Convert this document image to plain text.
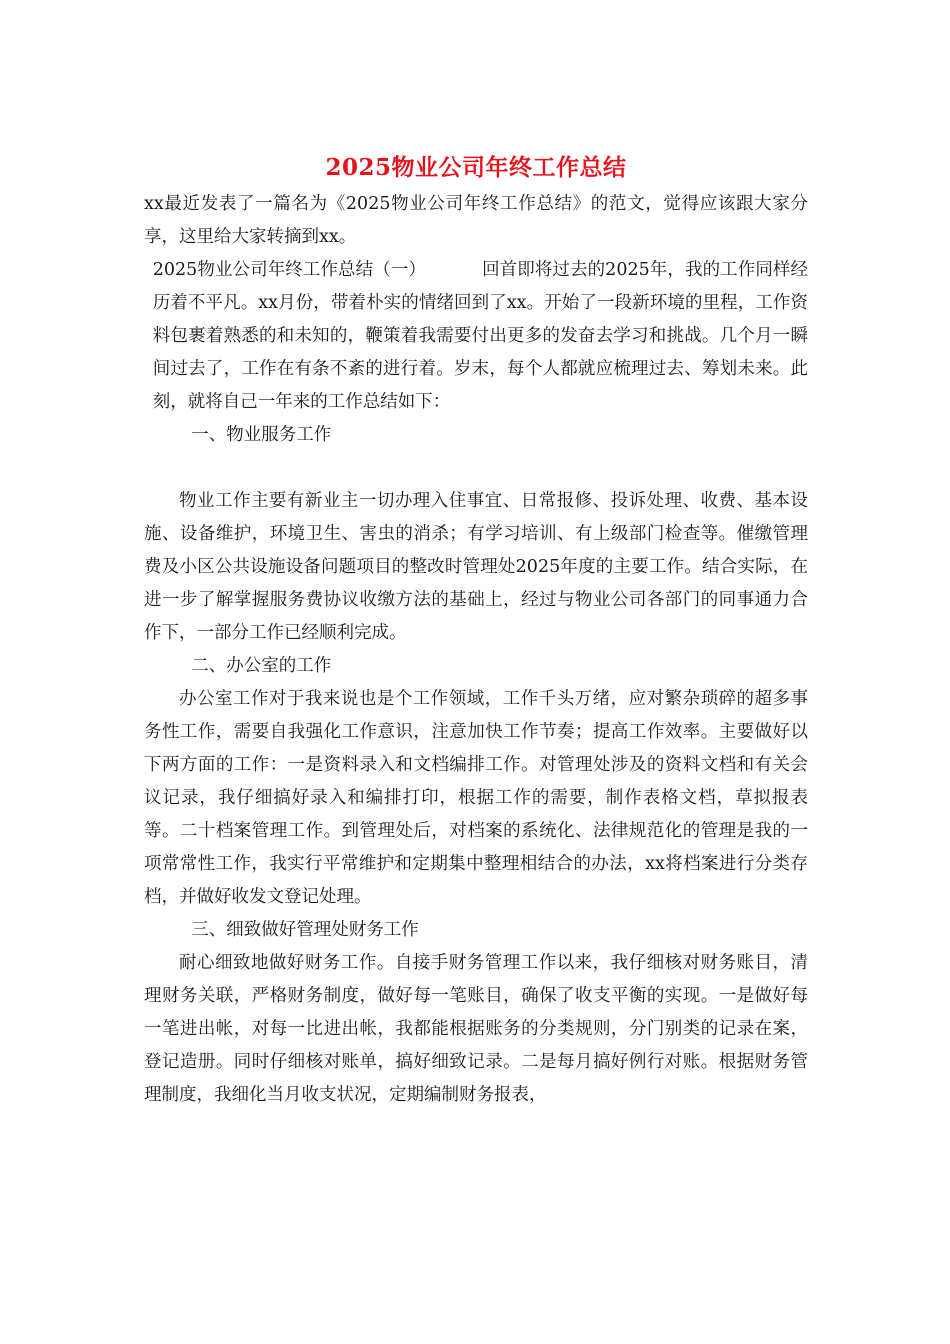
2025物业公司年终工作总结

xx最近发表了一篇名为《2025物业公司年终工作总结》的范文，觉得应该跟大家分享，这里给大家转摘到xx。

2025物业公司年终工作总结（一）	回首即将过去的2025年，我的工作同样经历着不平凡。xx月份，带着朴实的情绪回到了xx。开始了一段新环境的里程，工作资料包裹着熟悉的和未知的，鞭策着我需要付出更多的发奋去学习和挑战。几个月一瞬间过去了，工作在有条不紊的进行着。岁末，每个人都就应梳理过去、筹划未来。此刻，就将自己一年来的工作总结如下：

一、物业服务工作

物业工作主要有新业主一切办理入住事宜、日常报修、投诉处理、收费、基本设施、设备维护，环境卫生、害虫的消杀；有学习培训、有上级部门检查等。催缴管理费及小区公共设施设备问题项目的整改时管理处2025年度的主要工作。结合实际，在进一步了解掌握服务费协议收缴方法的基础上，经过与物业公司各部门的同事通力合作下，一部分工作已经顺利完成。

二、办公室的工作

办公室工作对于我来说也是个工作领域，工作千头万绪，应对繁杂琐碎的超多事务性工作，需要自我强化工作意识，注意加快工作节奏；提高工作效率。主要做好以下两方面的工作：一是资料录入和文档编排工作。对管理处涉及的资料文档和有关会议记录，我仔细搞好录入和编排打印，根据工作的需要，制作表格文档，草拟报表等。二十档案管理工作。到管理处后，对档案的系统化、法律规范化的管理是我的一项常常性工作，我实行平常维护和定期集中整理相结合的办法，xx将档案进行分类存档，并做好收发文登记处理。

三、细致做好管理处财务工作

耐心细致地做好财务工作。自接手财务管理工作以来，我仔细核对财务账目，清理财务关联，严格财务制度，做好每一笔账目，确保了收支平衡的实现。一是做好每一笔进出帐，对每一比进出帐，我都能根据账务的分类规则，分门别类的记录在案，登记造册。同时仔细核对账单，搞好细致记录。二是每月搞好例行对账。根据财务管理制度，我细化当月收支状况，定期编制财务报表，
